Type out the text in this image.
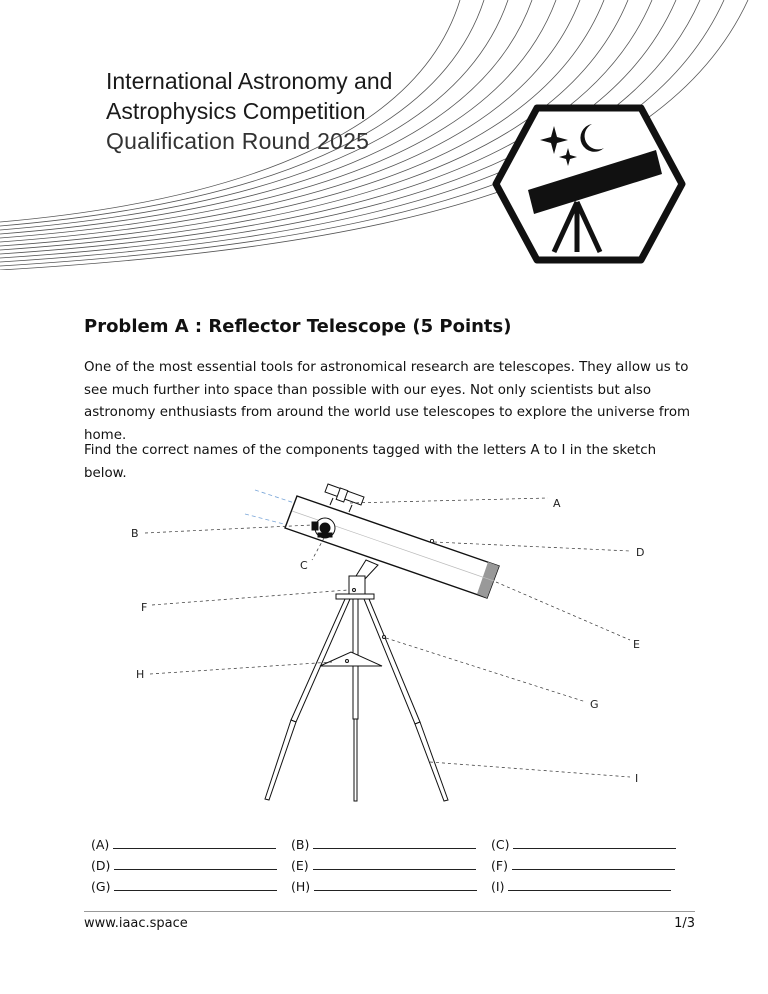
International Astronomy and
Astrophysics Competition
Qualification Round 2025
Problem A : Reflector Telescope (5 Points)

One of the most essential tools for astronomical research are telescopes. They allow us to see much further into space than possible with our eyes. Not only scientists but also astronomy enthusiasts from around the world use telescopes to explore the universe from home.

Find the correct names of the components tagged with the letters A to I in the sketch below.

A
B
C
D
E
F
G
H
I
(A)	(B)	(C)
(D)	(E)	(F)
(G)	(H)	(I)
www.iaac.space	1/3
